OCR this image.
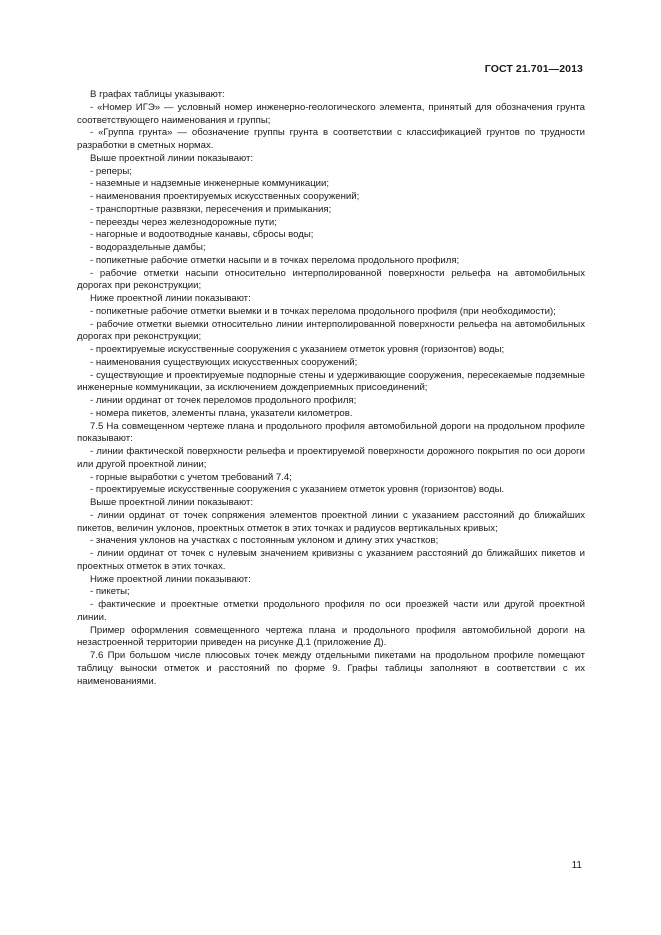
ГОСТ 21.701—2013

В графах таблицы указывают:

- «Номер ИГЭ» — условный номер инженерно-геологического элемента, принятый для обозначения грунта соответствующего наименования и группы;

- «Группа грунта» — обозначение группы грунта в соответствии с классификацией грунтов по трудности разработки в сметных нормах.

Выше проектной линии показывают:

- реперы;

- наземные и надземные инженерные коммуникации;

- наименования проектируемых искусственных сооружений;

- транспортные развязки, пересечения и примыкания;

- переезды через железнодорожные пути;

- нагорные и водоотводные канавы, сбросы воды;

- водораздельные дамбы;

- попикетные рабочие отметки насыпи и в точках перелома продольного профиля;

- рабочие отметки насыпи относительно интерполированной поверхности рельефа на автомобильных дорогах при реконструкции;

Ниже проектной линии показывают:

- попикетные рабочие отметки выемки и в точках перелома продольного профиля (при необходимости);

- рабочие отметки выемки относительно линии интерполированной поверхности рельефа на автомобильных дорогах при реконструкции;

- проектируемые искусственные сооружения с указанием отметок уровня (горизонтов) воды;

- наименования существующих искусственных сооружений;

- существующие и проектируемые подпорные стены и удерживающие сооружения, пересекаемые подземные инженерные коммуникации, за исключением дождеприемных присоединений;

- линии ординат от точек переломов продольного профиля;

- номера пикетов, элементы плана, указатели километров.

7.5 На совмещенном чертеже плана и продольного профиля автомобильной дороги на продольном профиле показывают:

- линии фактической поверхности рельефа и проектируемой поверхности дорожного покрытия по оси дороги или другой проектной линии;

- горные выработки с учетом требований 7.4;

- проектируемые искусственные сооружения с указанием отметок уровня (горизонтов) воды.

Выше проектной линии показывают:

- линии ординат от точек сопряжения элементов проектной линии с указанием расстояний до ближайших пикетов, величин уклонов, проектных отметок в этих точках и радиусов вертикальных кривых;

- значения уклонов на участках с постоянным уклоном и длину этих участков;

- линии ординат от точек с нулевым значением кривизны с указанием расстояний до ближайших пикетов и проектных отметок в этих точках.

Ниже проектной линии показывают:

- пикеты;

- фактические и проектные отметки продольного профиля по оси проезжей части или другой проектной линии.

Пример оформления совмещенного чертежа плана и продольного профиля автомобильной дороги на незастроенной территории приведен на рисунке Д.1 (приложение Д).

7.6 При большом числе плюсовых точек между отдельными пикетами на продольном профиле помещают таблицу выноски отметок и расстояний по форме 9. Графы таблицы заполняют в соответствии с их наименованиями.

11
